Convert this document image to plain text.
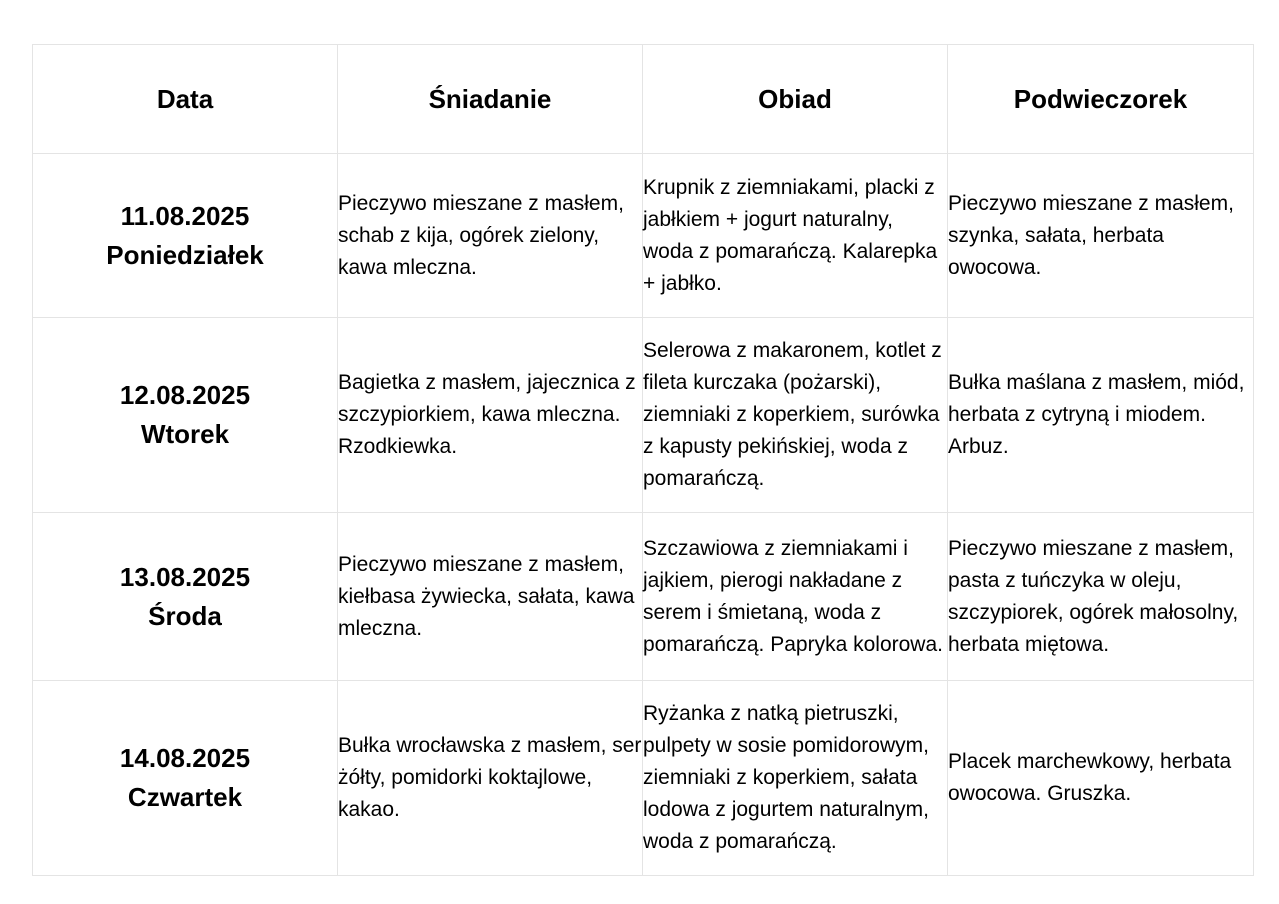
Data	Śniadanie	Obiad	Podwieczorek

11.08.2025
Poniedziałek	Pieczywo mieszane z masłem, schab z kija, ogórek zielony, kawa mleczna.	Krupnik z ziemniakami, placki z jabłkiem + jogurt naturalny, woda z pomarańczą. Kalarepka + jabłko.	Pieczywo mieszane z masłem, szynka, sałata, herbata owocowa.

12.08.2025
Wtorek	Bagietka z masłem, jajecznica z szczypiorkiem, kawa mleczna. Rzodkiewka.	Selerowa z makaronem, kotlet z fileta kurczaka (pożarski), ziemniaki z koperkiem, surówka z kapusty pekińskiej, woda z pomarańczą.	Bułka maślana z masłem, miód, herbata z cytryną i miodem. Arbuz.

13.08.2025
Środa	Pieczywo mieszane z masłem, kiełbasa żywiecka, sałata, kawa mleczna.	Szczawiowa z ziemniakami i jajkiem, pierogi nakładane z serem i śmietaną, woda z pomarańczą. Papryka kolorowa.	Pieczywo mieszane z masłem, pasta z tuńczyka w oleju, szczypiorek, ogórek małosolny, herbata miętowa.

14.08.2025
Czwartek	Bułka wrocławska z masłem, ser żółty, pomidorki koktajlowe, kakao.	Ryżanka z natką pietruszki, pulpety w sosie pomidorowym, ziemniaki z koperkiem, sałata lodowa z jogurtem naturalnym, woda z pomarańczą.	Placek marchewkowy, herbata owocowa. Gruszka.
